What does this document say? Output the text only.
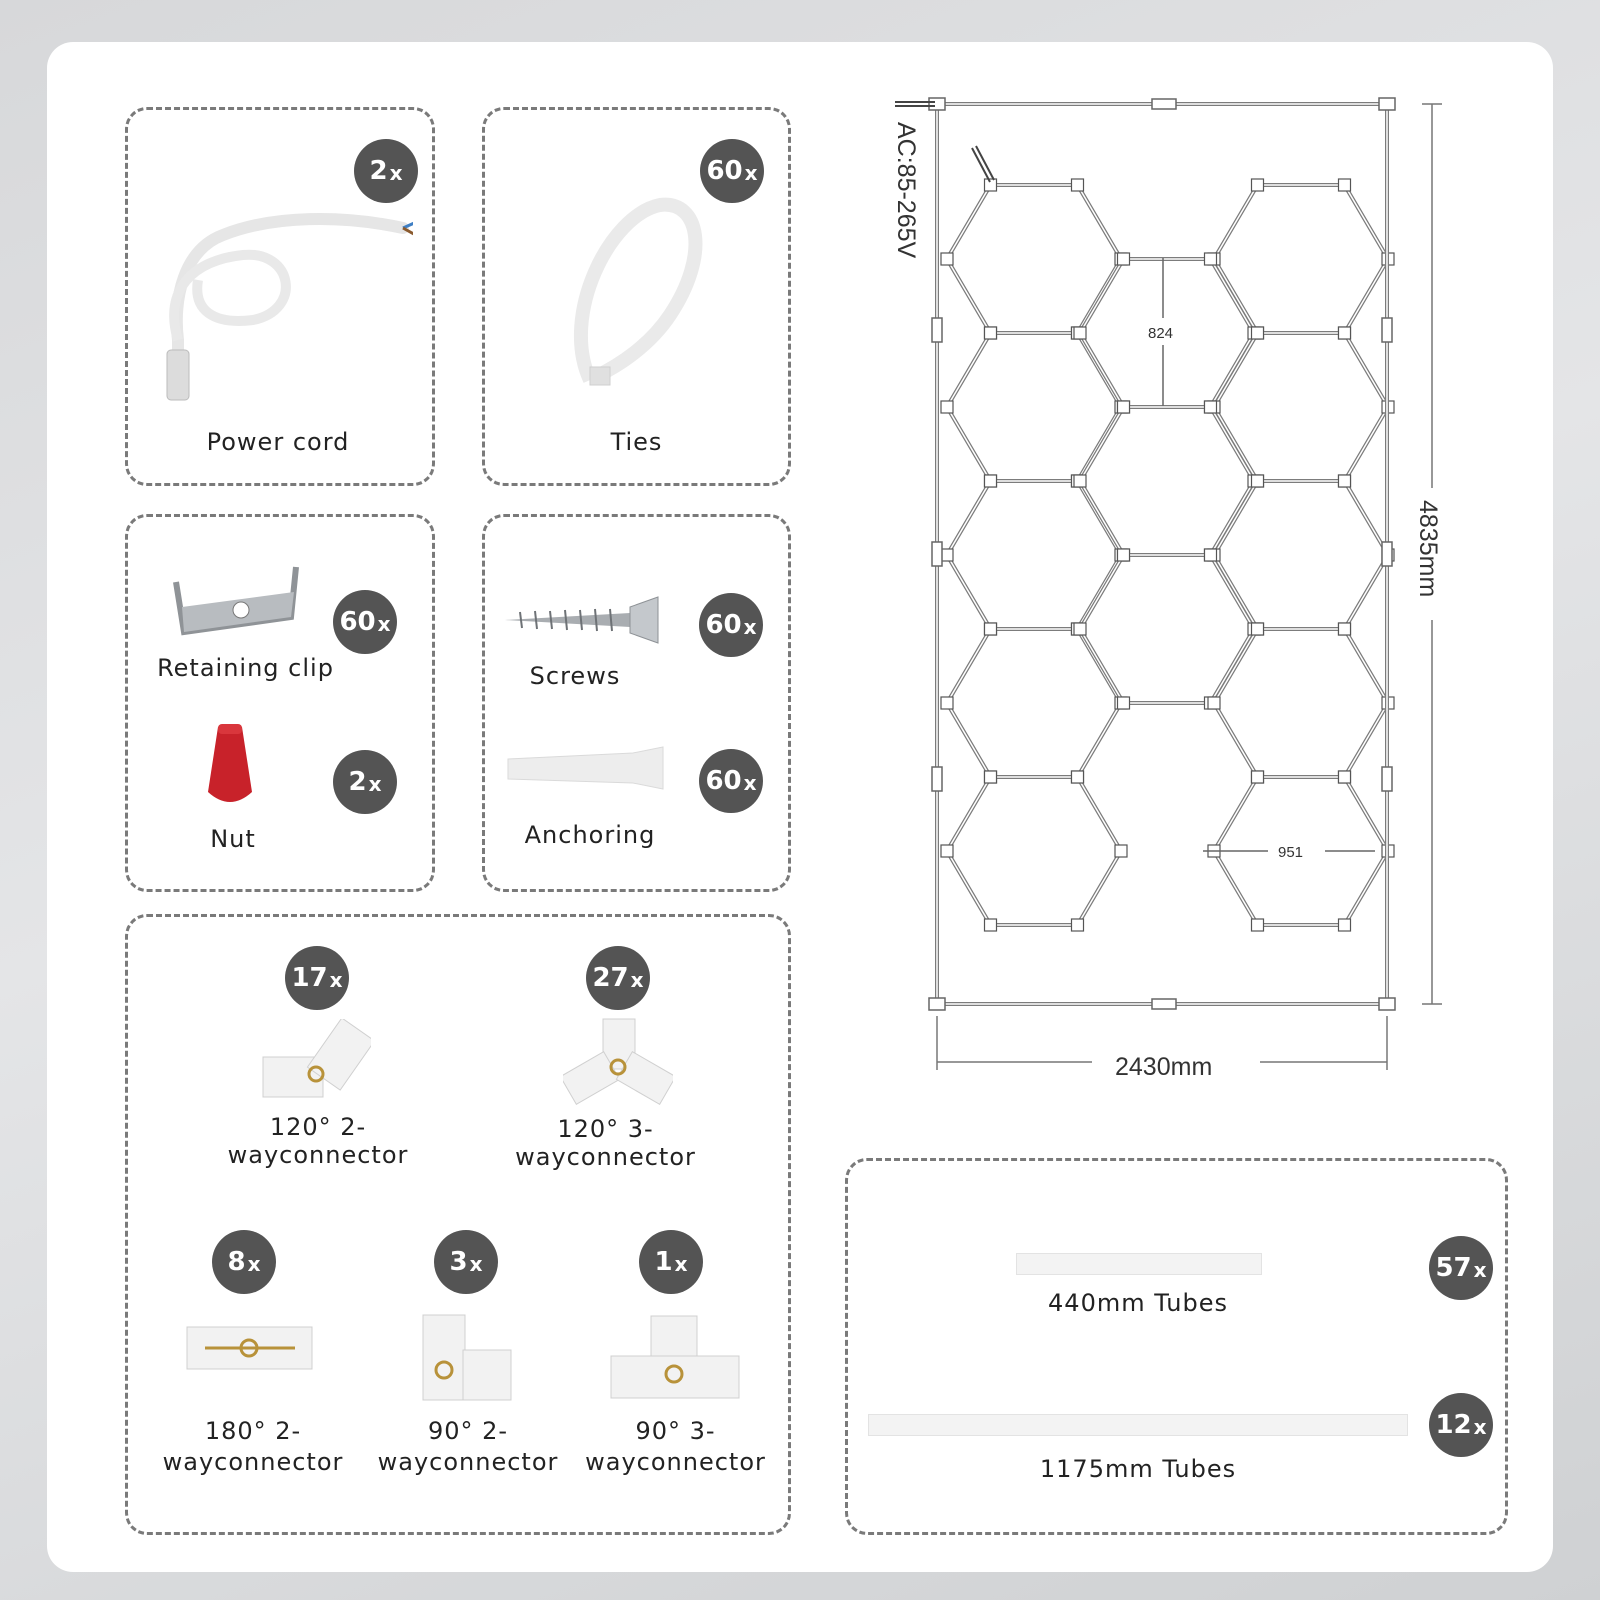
2 x
Power cord
60 x
Ties
60 x
Retaining clip
2 x
Nut
60 x
Screws
60 x
Anchoring
17 x
120° 2-wayconnector
27 x
120° 3-wayconnector
8 x
180° 2-
wayconnector
3 x
90° 2-
wayconnector
1 x
90° 3-
wayconnector
440mm Tubes
57 x
1175mm Tubes
12 x
AC:85-265V
4835mm
2430mm
824
951
